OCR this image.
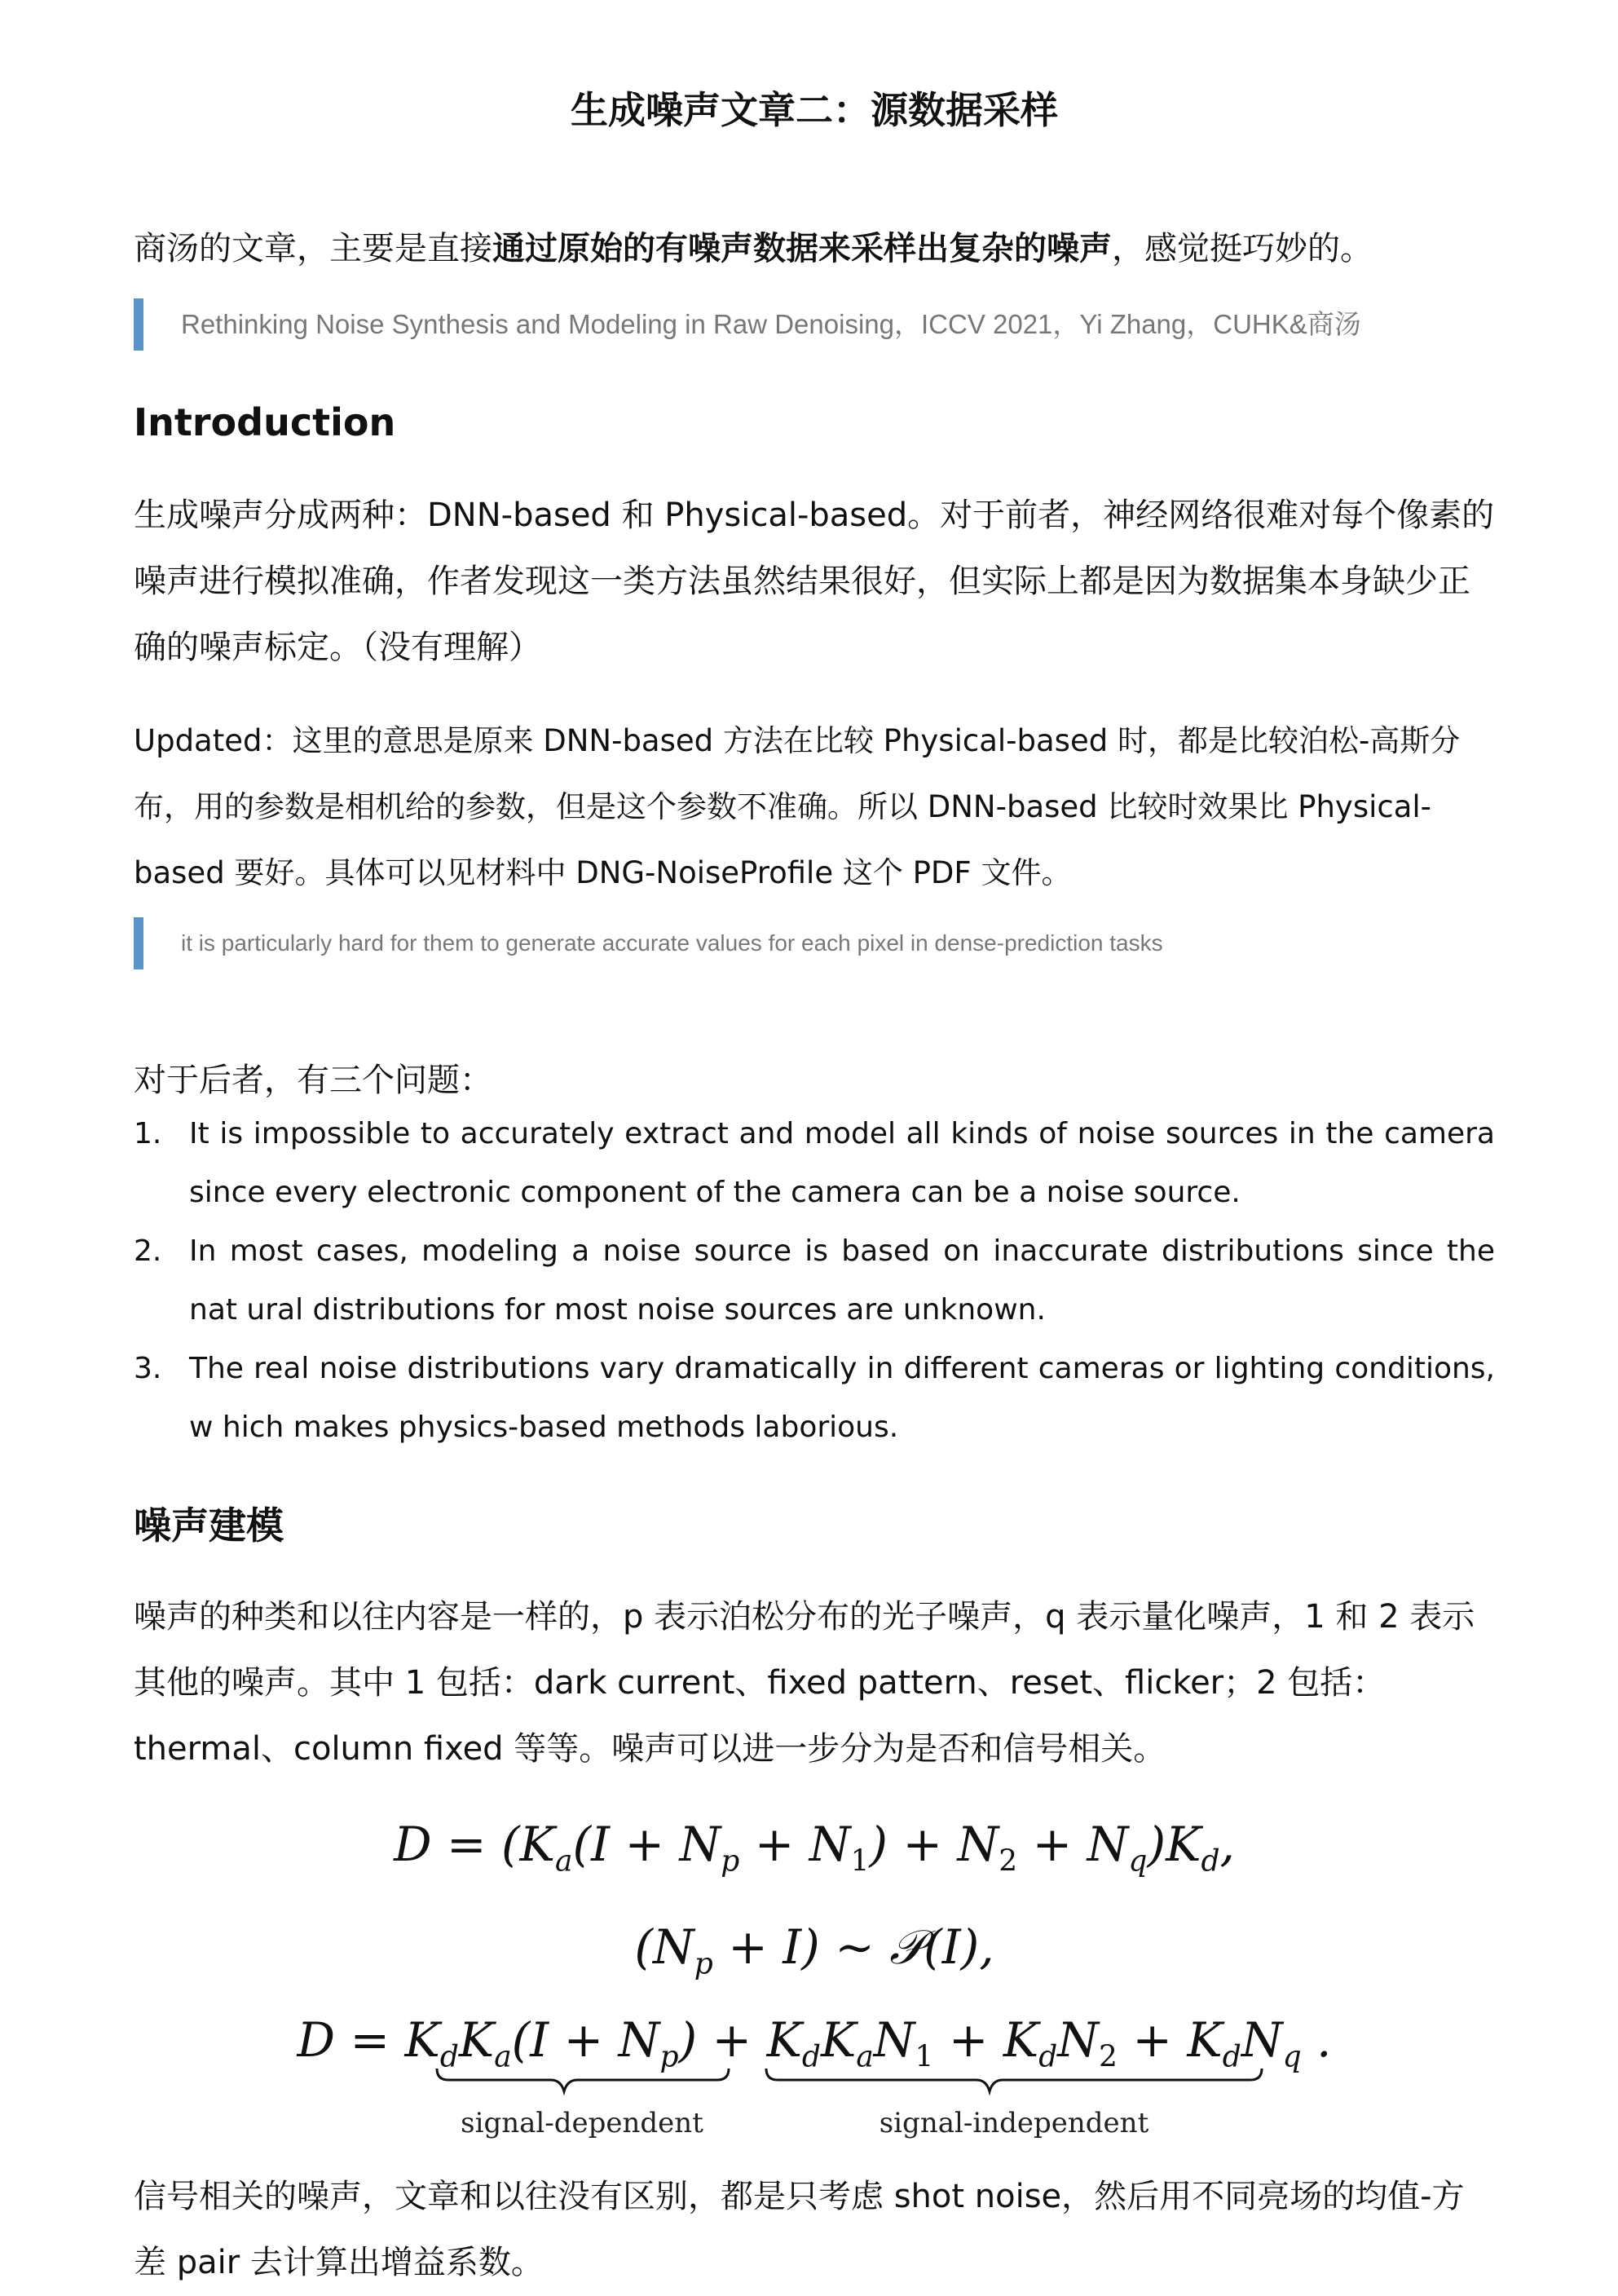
生成噪声文章二：源数据采样
商汤的文章，主要是直接通过原始的有噪声数据来采样出复杂的噪声，感觉挺巧妙的。
Rethinking Noise Synthesis and Modeling in Raw Denoising，ICCV 2021，Yi Zhang，CUHK&商汤
Introduction
生成噪声分成两种：DNN-based 和 Physical-based。对于前者，神经网络很难对每个像素的噪声进行模拟准确，作者发现这一类方法虽然结果很好，但实际上都是因为数据集本身缺少正确的噪声标定。（没有理解）
Updated：这里的意思是原来 DNN-based 方法在比较 Physical-based 时，都是比较泊松-高斯分布，用的参数是相机给的参数，但是这个参数不准确。所以 DNN-based 比较时效果比 Physical-based 要好。具体可以见材料中 DNG-NoiseProfile 这个 PDF 文件。
it is particularly hard for them to generate accurate values for each pixel in dense-prediction tasks
对于后者，有三个问题：
1. It is impossible to accurately extract and model all kinds of noise sources in the camera since every electronic component of the camera can be a noise source.
2. In most cases, modeling a noise source is based on inaccurate distributions since the nat ural distributions for most noise sources are unknown.
3. The real noise distributions vary dramatically in different cameras or lighting conditions, w hich makes physics-based methods laborious.
噪声建模
噪声的种类和以往内容是一样的，p 表示泊松分布的光子噪声，q 表示量化噪声，1 和 2 表示其他的噪声。其中 1 包括：dark current、fixed pattern、reset、flicker；2 包括：thermal、column fixed 等等。噪声可以进一步分为是否和信号相关。
$D = (K_a(I + N_p + N_1) + N_2 + N_q)K_d$,
$(N_p + I)$ ∼ 𝒫(I),
$D = K_dK_a(I + N_p) + K_dK_aN_1 + K_dN_2 + K_dN_q$ .
signal-dependent	signal-independent
信号相关的噪声，文章和以往没有区别，都是只考虑 shot noise，然后用不同亮场的均值-方差 pair 去计算出增益系数。
